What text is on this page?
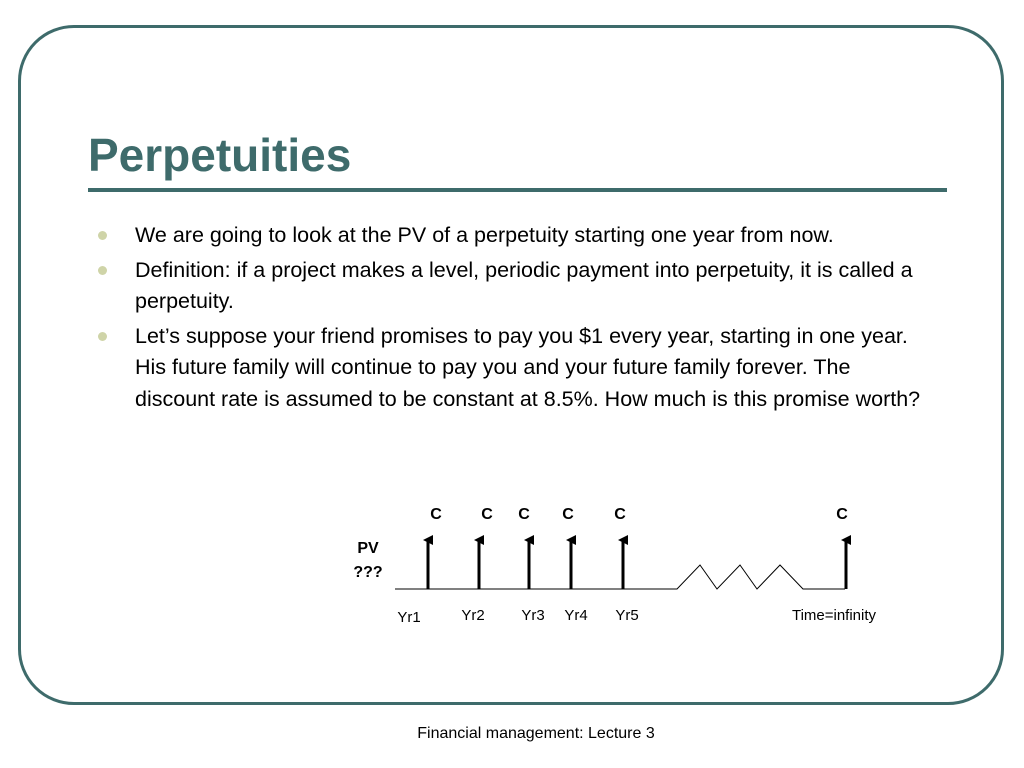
Perpetuities
We are going to look at the PV of a perpetuity starting one year from now.
Definition: if a project makes a level, periodic payment into perpetuity, it is called a perpetuity.
Let’s suppose your friend promises to pay you $1 every year, starting in one year. His future family will continue to pay you and your future family forever. The discount rate is assumed to be constant at 8.5%. How much is this promise worth?
C C C C	C	C
PV
???
Yr1	Yr2 Yr3 Yr4 Yr5	Time=infinity
Financial management: Lecture 3
